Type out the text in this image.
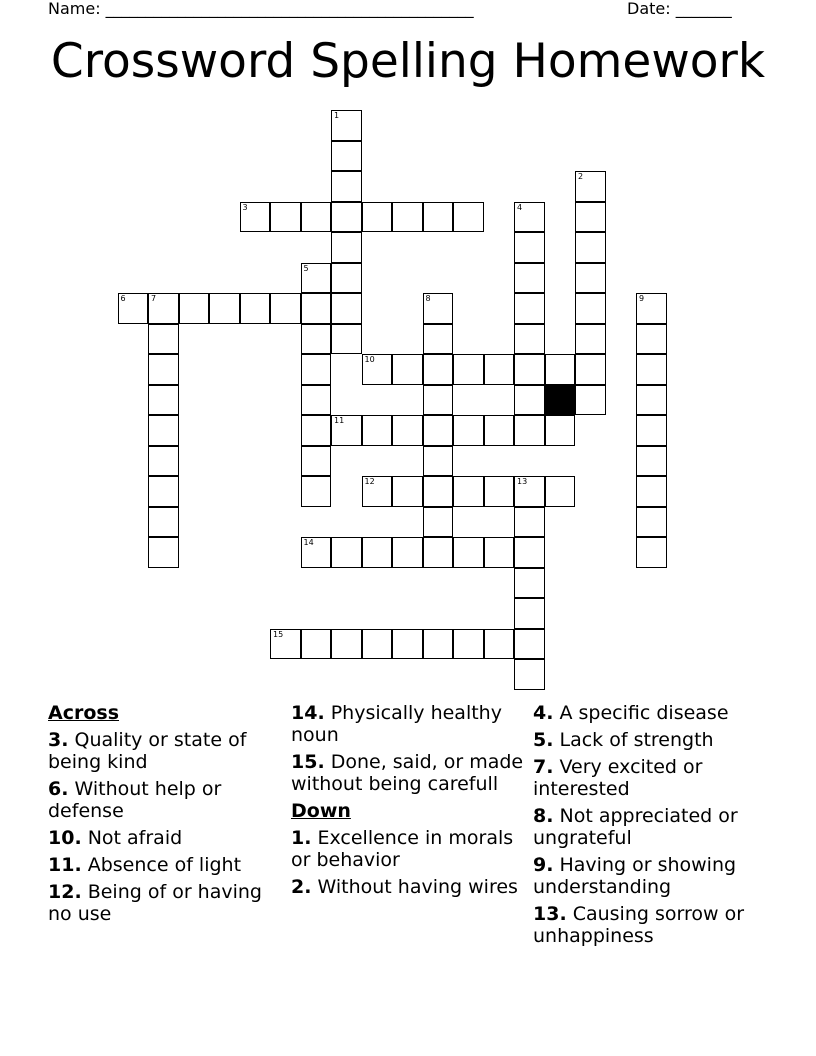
Name: ______________________________________________	Date: _______
Crossword Spelling Homework
1
2
3	4
5
6	7	8	9
10
11
12	13
14
15
Across
3. Quality or state of being kind
6. Without help or defense
10. Not afraid
11. Absence of light
12. Being of or having no use
14. Physically healthy noun
15. Done, said, or made without being carefull
Down
1. Excellence in morals or behavior
2. Without having wires
4. A specific disease
5. Lack of strength
7. Very excited or interested
8. Not appreciated or ungrateful
9. Having or showing understanding
13. Causing sorrow or unhappiness
